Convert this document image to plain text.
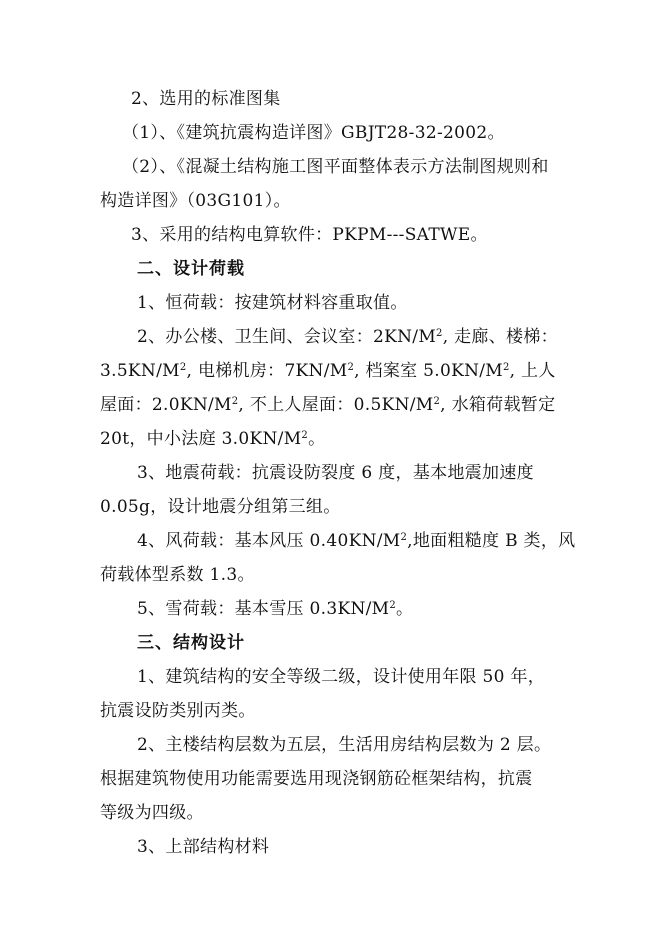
2、选用的标准图集
（1）、《建筑抗震构造详图》GBJT28-32-2002。
（2）、《混凝土结构施工图平面整体表示方法制图规则和
构造详图》（03G101）。
3、采用的结构电算软件：PKPM---SATWE。
二、设计荷载
1、恒荷载：按建筑材料容重取值。
2、办公楼、卫生间、会议室：$2KN/M^2$, 走廊、楼梯：
$3.5KN/M^2$, 电梯机房：$7KN/M^2$, 档案室 $5.0KN/M^2$, 上人
屋面：$2.0KN/M^2$, 不上人屋面：$0.5KN/M^2$, 水箱荷载暂定
20t，中小法庭 $3.0KN/M^2$。
3、地震荷载：抗震设防裂度 6 度，基本地震加速度
0.05g，设计地震分组第三组。
4、风荷载：基本风压 $0.40KN/M^2$,地面粗糙度 B 类，风
荷载体型系数 1.3。
5、雪荷载：基本雪压 $0.3KN/M^2$。
三、结构设计
1、建筑结构的安全等级二级，设计使用年限 50 年，
抗震设防类别丙类。
2、主楼结构层数为五层，生活用房结构层数为 2 层。
根据建筑物使用功能需要选用现浇钢筋砼框架结构，抗震
等级为四级。
3、上部结构材料
